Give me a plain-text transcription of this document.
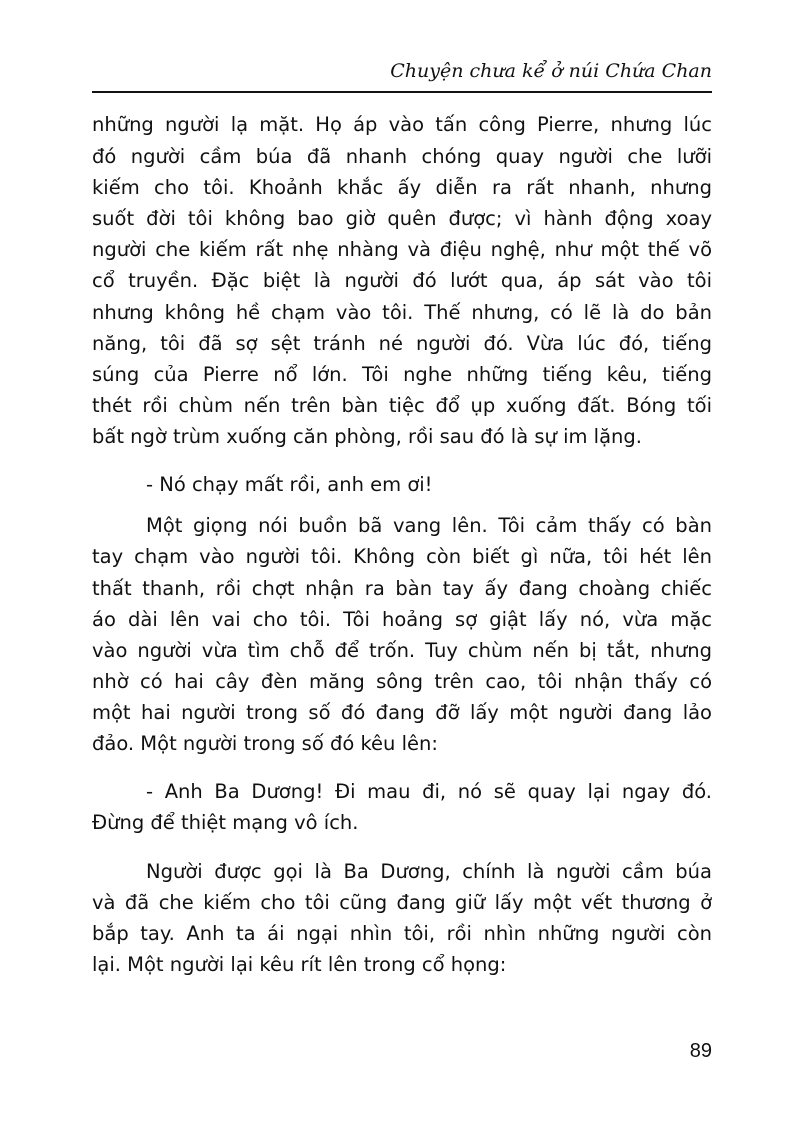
Chuyện chưa kể ở núi Chứa Chan
những người lạ mặt. Họ áp vào tấn công Pierre, nhưng lúc
đó người cầm búa đã nhanh chóng quay người che lưỡi
kiếm cho tôi. Khoảnh khắc ấy diễn ra rất nhanh, nhưng
suốt đời tôi không bao giờ quên được; vì hành động xoay
người che kiếm rất nhẹ nhàng và điệu nghệ, như một thế võ
cổ truyền. Đặc biệt là người đó lướt qua, áp sát vào tôi
nhưng không hề chạm vào tôi. Thế nhưng, có lẽ là do bản
năng, tôi đã sợ sệt tránh né người đó. Vừa lúc đó, tiếng
súng của Pierre nổ lớn. Tôi nghe những tiếng kêu, tiếng
thét rồi chùm nến trên bàn tiệc đổ ụp xuống đất. Bóng tối
bất ngờ trùm xuống căn phòng, rồi sau đó là sự im lặng.
- Nó chạy mất rồi, anh em ơi!
Một giọng nói buồn bã vang lên. Tôi cảm thấy có bàn
tay chạm vào người tôi. Không còn biết gì nữa, tôi hét lên
thất thanh, rồi chợt nhận ra bàn tay ấy đang choàng chiếc
áo dài lên vai cho tôi. Tôi hoảng sợ giật lấy nó, vừa mặc
vào người vừa tìm chỗ để trốn. Tuy chùm nến bị tắt, nhưng
nhờ có hai cây đèn măng sông trên cao, tôi nhận thấy có
một hai người trong số đó đang đỡ lấy một người đang lảo
đảo. Một người trong số đó kêu lên:
- Anh Ba Dương! Đi mau đi, nó sẽ quay lại ngay đó.
Đừng để thiệt mạng vô ích.
Người được gọi là Ba Dương, chính là người cầm búa
và đã che kiếm cho tôi cũng đang giữ lấy một vết thương ở
bắp tay. Anh ta ái ngại nhìn tôi, rồi nhìn những người còn
lại. Một người lại kêu rít lên trong cổ họng:
89
